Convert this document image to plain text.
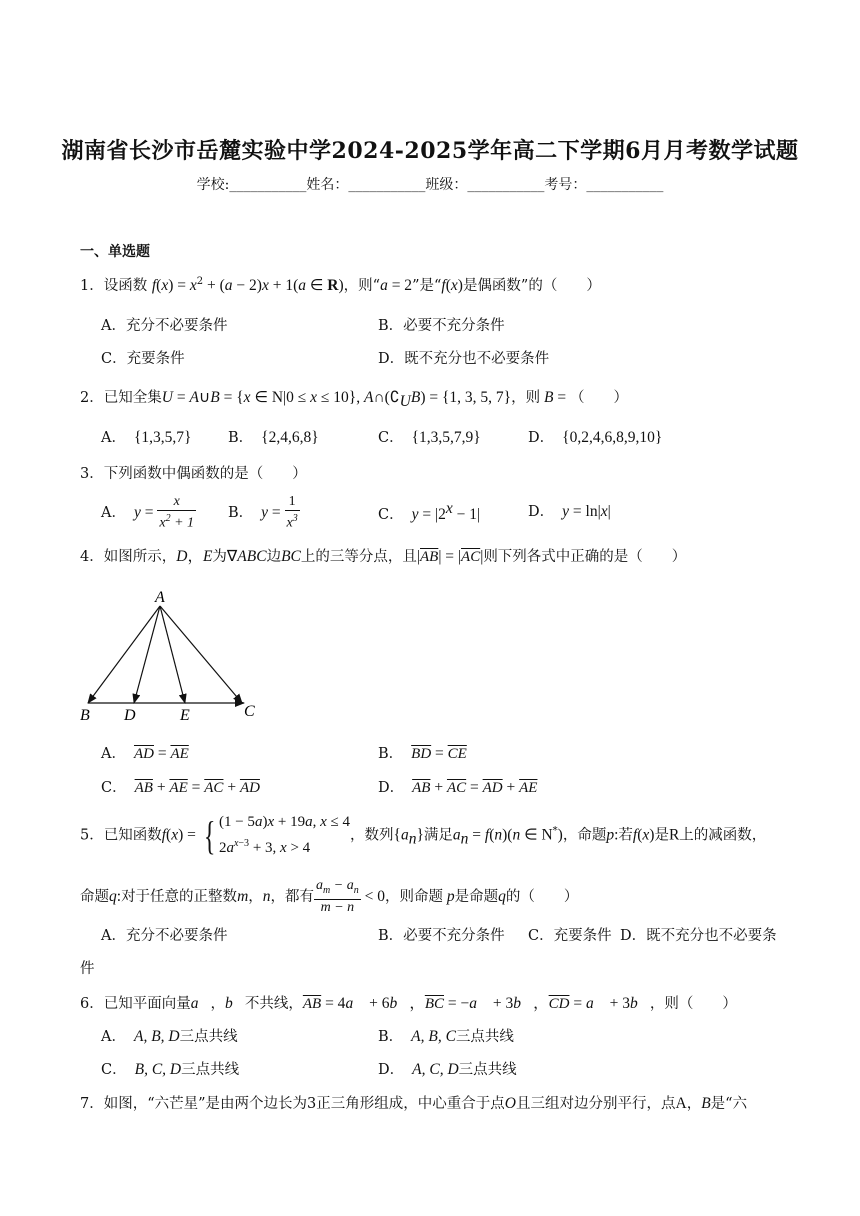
湖南省长沙市岳麓实验中学2024-2025学年高二下学期6月月考数学试题
学校:___________姓名：___________班级：___________考号：___________
一、单选题
1．设函数 $f(x) = x^2 + (a - 2)x + 1(a$ ∈ R)，则“a = 2”是“f(x)是偶函数”的（　　）
A．充分不必要条件	B．必要不充分条件
C．充要条件	D．既不充分也不必要条件
2．已知全集U = A∪B = {x ∈ N|0 ≤ x ≤ 10}, $A\cap(∁_UB) = \{1$, 3, 5, 7}，则 B = （　　）
A． {1,3,5,7}	B． {2,4,6,8}	C． {1,3,5,7,9}	D． {0,2,4,6,8,9,10}
3．下列函数中偶函数的是（　　）
A． $y = \frac{x}{x^2 + 1}$ B． $y = \frac{1}{x^3}$	C． $y = |2^x - 1|$	D． y = ln|x|
4．如图所示，D，E为∇ABC边BC上的三等分点，且$|\overline{AB}| = |\overline{AC}|$则下列各式中正确的是（　　）
A
B D	E	C
A． $\overline{AD} = \overline{AE}$	B． $\overline{BD} = \overline{CE}$
C． $\overline{AB} + \overline{AE} = \overline{AC} + \overline{AD}$	D． $\overline{AB} + \overline{AC} = \overline{AD} + \overline{AE}$
5．已知函数f(x) = { (1 − 5a)x + 19a, x ≤ 4
$2a^{x-3} + 3$, x > 4
，数列$\{a_n\}$满足$a_n = f(n)(n$ ∈ N*)，命题p:若f(x)是R上的减函数，
命题q:对于任意的正整数m，n，都有 $\frac{a_m - a_n}{m - n} < 0$，则命题 p是命题q的（　　）
A．充分不必要条件	B．必要不充分条件 C．充要条件 D．既不充分也不必要条
件
6．已知平面向量a⃗，b⃗不共线，$\overline{AB}$ = 4a⃗ + 6b⃗，$\overline{BC}$ = −a⃗ + 3b⃗，$\overline{CD}$ = a⃗ + 3b⃗，则（　　）
A． A, B, D三点共线	B． A, B, C三点共线
C． B, C, D三点共线	D． A, C, D三点共线
7．如图，“六芒星”是由两个边长为3正三角形组成，中心重合于点O且三组对边分别平行，点A，B是“六
